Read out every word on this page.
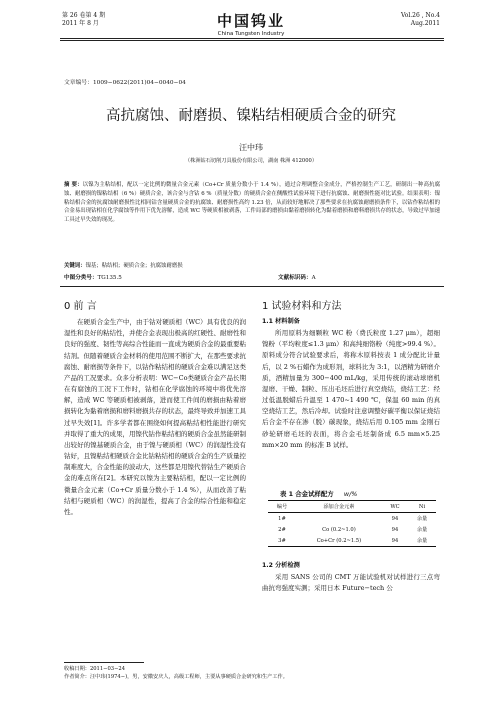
第 26 卷第 4 期
2011 年 8 月	中国钨业
China Tungsten Industry
Vol.26 , No.4
Aug.2011
文章编号：1009−0622(2011)04−0040−04
高抗腐蚀、耐磨损、镍粘结相硬质合金的研究
汪中玮
（株洲钻石切削刀具股份有限公司，湖南 株洲 412000）
摘 要：以镍为主粘结相，配以一定比例的微量合金元素（Co+Cr 质量分数小于 1.4 %），通过合理调整合金成分，严格控制生产工艺，研制出一种高抗腐蚀、耐磨损的镍粘结相（6 %）硬质合金，该合金与含钴 6 %（质量分数）的硬质合金在侧酸性试验环境下进行抗腐蚀、耐磨损性能对比试验。结果表明：镍粘结相合金的抗腐蚀耐磨损性比相同钴含量硬质合金的抗腐蚀、耐磨损性高约 1.23 倍，从而较好地解决了那些要求在抗腐蚀耐磨损条件下，以钴作粘结相的合金易出现钴相在化学腐蚀等作用下优先溶解，造成 WC 等硬质相被剥落，工件局部的磨损由黏着磨损转化为黏着磨损和磨料磨损共存的状态，导致过早加速工具过早失效的现况。
关键词：镍基；粘结相；硬质合金；抗腐蚀耐磨损
中图分类号：TG135.5	文献标识码：A
0 前 言

在硬质合金生产中，由于钴对硬质相（WC）具有优良的润湿性和良好的粘结性，并使合金表现出极高的红硬性、耐磨性和良好的强度、韧性等高综合性能而一直成为硬质合金的最重要粘结剂。但随着硬质合金材料的使用范围不断扩大，在那些要求抗腐蚀、耐磨损等条件下，以钴作粘结相的硬质合金难以满足这类产品的工况要求。众多分析表明：WC−Co类硬质合金产品长期在有腐蚀的工况下工作时，钴相在化学腐蚀的环境中将优先溶解，造成 WC 等硬质相被剥落，进而使工件间的磨损由粘着磨损转化为黏着磨损和磨料磨损共存的状态，最终导致并加速工具过早失效[1]。许多学者都在围绕如何提高粘结相性能进行研究并取得了重大的成果，用镍代钴作粘结相的硬质合金虽然能研制出较好的镍基硬质合金，由于镍与硬质相（WC）的润湿性没有钴好，且镍粘结相硬质合金比钴粘结相的硬质合金的生产质量控制难度大，合金性能的波动大，这些都是用镍代替钴生产硬质合金的难点所在[2]。本研究以镍为主要粘结相，配以一定比例的微量合金元素（Co+Cr 质量分数小于 1.4 %），从而改善了粘结相与硬质相（WC）的润湿性，提高了合金的综合性能和稳定性。

1 试验材料和方法
1.1 材料制备

所用原料为细颗粒 WC 粉（费氏粒度 1.27 μm），超细镍粉（平均粒度≤1.3 μm）和高纯细铬粉（纯度>99.4 %）。原料成分符合试验要求后，将称木原料按表 1 成分配比计量后，以 2 %石蜡作为成形剂，球料比为 3:1，以酒精为研磨介质，酒精加量为 300−400 mL/kg，采用传统的滚动球磨机湿磨、干燥、制粒、压出毛坯后进行真空烧结，烧结工艺：经过低温脱蜡后升温至 1 470~1 490 ℃，保温 60 min 的真空烧结工艺，然后冷却。试验时注意调整好碳平衡以保证烧结后合金不存在渗（脱）碳现象，烧结后用 0.105 mm 金刚石砂轮研磨毛坯的表面，将合金毛坯制备成 6.5 mm×5.25 mm×20 mm 的标准 B 试样。

表 1 合金试样配方 w/%
编号	添加合金元素	WC	Ni
1#		94	余量
2#	Co (0.2~1.0)	94	余量
3#	Co+Cr (0.2~1.5)	94	余量
1.2 分析检测

采用 SANS 公司的 CMT 万能试验机对试样进行三点弯曲抗弯强度实测；采用日本 Future−tech 公

收稿日期：2011−03−24
作者简介：汪中玮(1974−)，男，安徽安庆人，高级工程师，主要从事硬质合金研究和生产工作。
